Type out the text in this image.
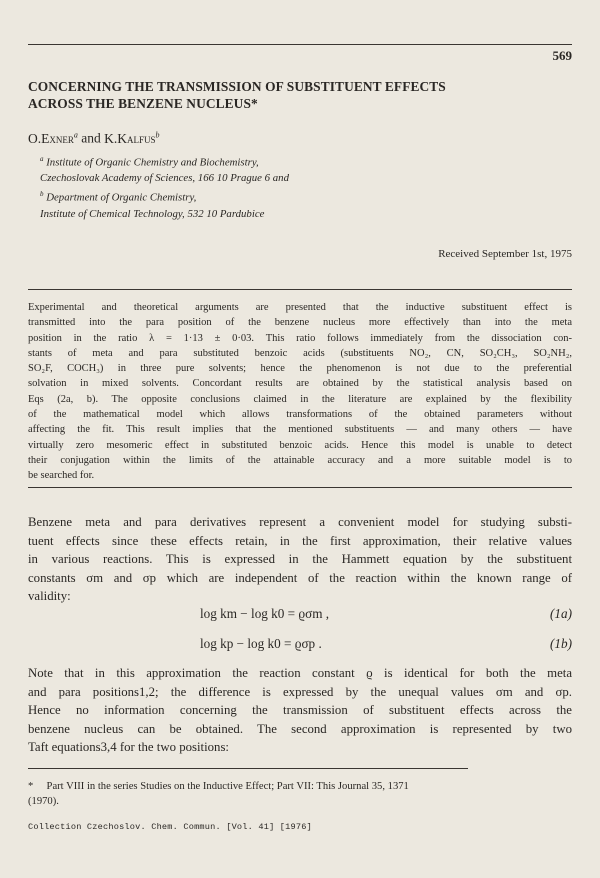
569
CONCERNING THE TRANSMISSION OF SUBSTITUENT EFFECTS
ACROSS THE BENZENE NUCLEUS*
O.Exner$^a$ and K.Kalfus$^b$
$^a$ Institute of Organic Chemistry and Biochemistry,
Czechoslovak Academy of Sciences, 166 10 Prague 6 and
$^b$ Department of Organic Chemistry,
Institute of Chemical Technology, 532 10 Pardubice
Received September 1st, 1975
Experimental and theoretical arguments are presented that the inductive substituent effect is
transmitted into the para position of the benzene nucleus more effectively than into the meta
position in the ratio λ = 1·13 ± 0·03. This ratio follows immediately from the dissociation con-
stants of meta and para substituted benzoic acids (substituents NO₂, CN, SO₂CH₃, SO₂NH₂,
SO₂F, COCH₃) in three pure solvents; hence the phenomenon is not due to the preferential
solvation in mixed solvents. Concordant results are obtained by the statistical analysis based on
Eqs (2a, b). The opposite conclusions claimed in the literature are explained by the flexibility
of the mathematical model which allows transformations of the obtained parameters without
affecting the fit. This result implies that the mentioned substituents — and many others — have
virtually zero mesomeric effect in substituted benzoic acids. Hence this model is unable to detect
their conjugation within the limits of the attainable accuracy and a more suitable model is to
be searched for.
Benzene meta and para derivatives represent a convenient model for studying substi-
tuent effects since these effects retain, in the first approximation, their relative values
in various reactions. This is expressed in the Hammett equation by the substituent
constants σm and σp which are independent of the reaction within the known range of
validity:
log km − log k0 = ϱσm ,	(1a)
log kp − log k0 = ϱσp .	(1b)
Note that in this approximation the reaction constant ϱ is identical for both the meta
and para positions1,2; the difference is expressed by the unequal values σm and σp.
Hence no information concerning the transmission of substituent effects across the
benzene nucleus can be obtained. The second approximation is represented by two
Taft equations3,4 for the two positions:
* Part VIII in the series Studies on the Inductive Effect; Part VII: This Journal 35, 1371
(1970).
Collection Czechoslov. Chem. Commun. [Vol. 41] [1976]
